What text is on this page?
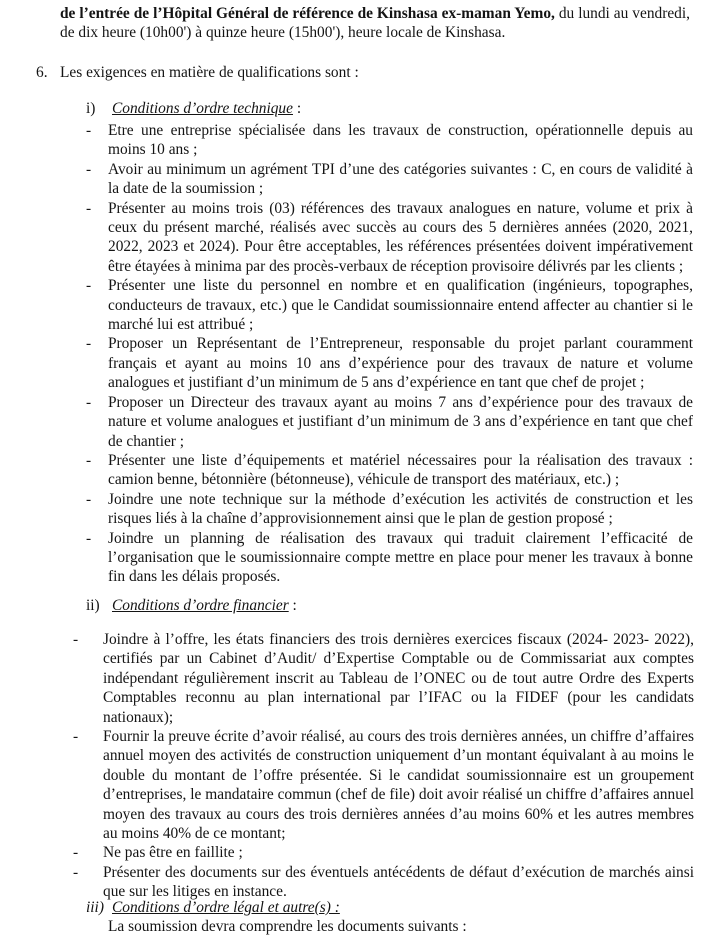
de l’entrée de l’Hôpital Général de référence de Kinshasa ex-maman Yemo, du lundi au vendredi, de dix heure (10h00') à quinze heure (15h00'), heure locale de Kinshasa.
6. Les exigences en matière de qualifications sont :
i) Conditions d’ordre technique :
- Etre une entreprise spécialisée dans les travaux de construction, opérationnelle depuis au moins 10 ans ;
- Avoir au minimum un agrément TPI d’une des catégories suivantes : C, en cours de validité à la date de la soumission ;
- Présenter au moins trois (03) références des travaux analogues en nature, volume et prix à ceux du présent marché, réalisés avec succès au cours des 5 dernières années (2020, 2021, 2022, 2023 et 2024). Pour être acceptables, les références présentées doivent impérativement être étayées à minima par des procès-verbaux de réception provisoire délivrés par les clients ;
- Présenter une liste du personnel en nombre et en qualification (ingénieurs, topographes, conducteurs de travaux, etc.) que le Candidat soumissionnaire entend affecter au chantier si le marché lui est attribué ;
- Proposer un Représentant de l’Entrepreneur, responsable du projet parlant couramment français et ayant au moins 10 ans d’expérience pour des travaux de nature et volume analogues et justifiant d’un minimum de 5 ans d’expérience en tant que chef de projet ;
- Proposer un Directeur des travaux ayant au moins 7 ans d’expérience pour des travaux de nature et volume analogues et justifiant d’un minimum de 3 ans d’expérience en tant que chef de chantier ;
- Présenter une liste d’équipements et matériel nécessaires pour la réalisation des travaux : camion benne, bétonnière (bétonneuse), véhicule de transport des matériaux, etc.) ;
- Joindre une note technique sur la méthode d’exécution les activités de construction et les risques liés à la chaîne d’approvisionnement ainsi que le plan de gestion proposé ;
- Joindre un planning de réalisation des travaux qui traduit clairement l’efficacité de l’organisation que le soumissionnaire compte mettre en place pour mener les travaux à bonne fin dans les délais proposés.
ii) Conditions d’ordre financier :
- Joindre à l’offre, les états financiers des trois dernières exercices fiscaux (2024- 2023- 2022), certifiés par un Cabinet d’Audit/ d’Expertise Comptable ou de Commissariat aux comptes indépendant régulièrement inscrit au Tableau de l’ONEC ou de tout autre Ordre des Experts Comptables reconnu au plan international par l’IFAC ou la FIDEF (pour les candidats nationaux);
- Fournir la preuve écrite d’avoir réalisé, au cours des trois dernières années, un chiffre d’affaires annuel moyen des activités de construction uniquement d’un montant équivalant à au moins le double du montant de l’offre présentée. Si le candidat soumissionnaire est un groupement d’entreprises, le mandataire commun (chef de file) doit avoir réalisé un chiffre d’affaires annuel moyen des travaux au cours des trois dernières années d’au moins 60% et les autres membres au moins 40% de ce montant;
- Ne pas être en faillite ;
- Présenter des documents sur des éventuels antécédents de défaut d’exécution de marchés ainsi que sur les litiges en instance.
iii) Conditions d’ordre légal et autre(s) :
La soumission devra comprendre les documents suivants :
